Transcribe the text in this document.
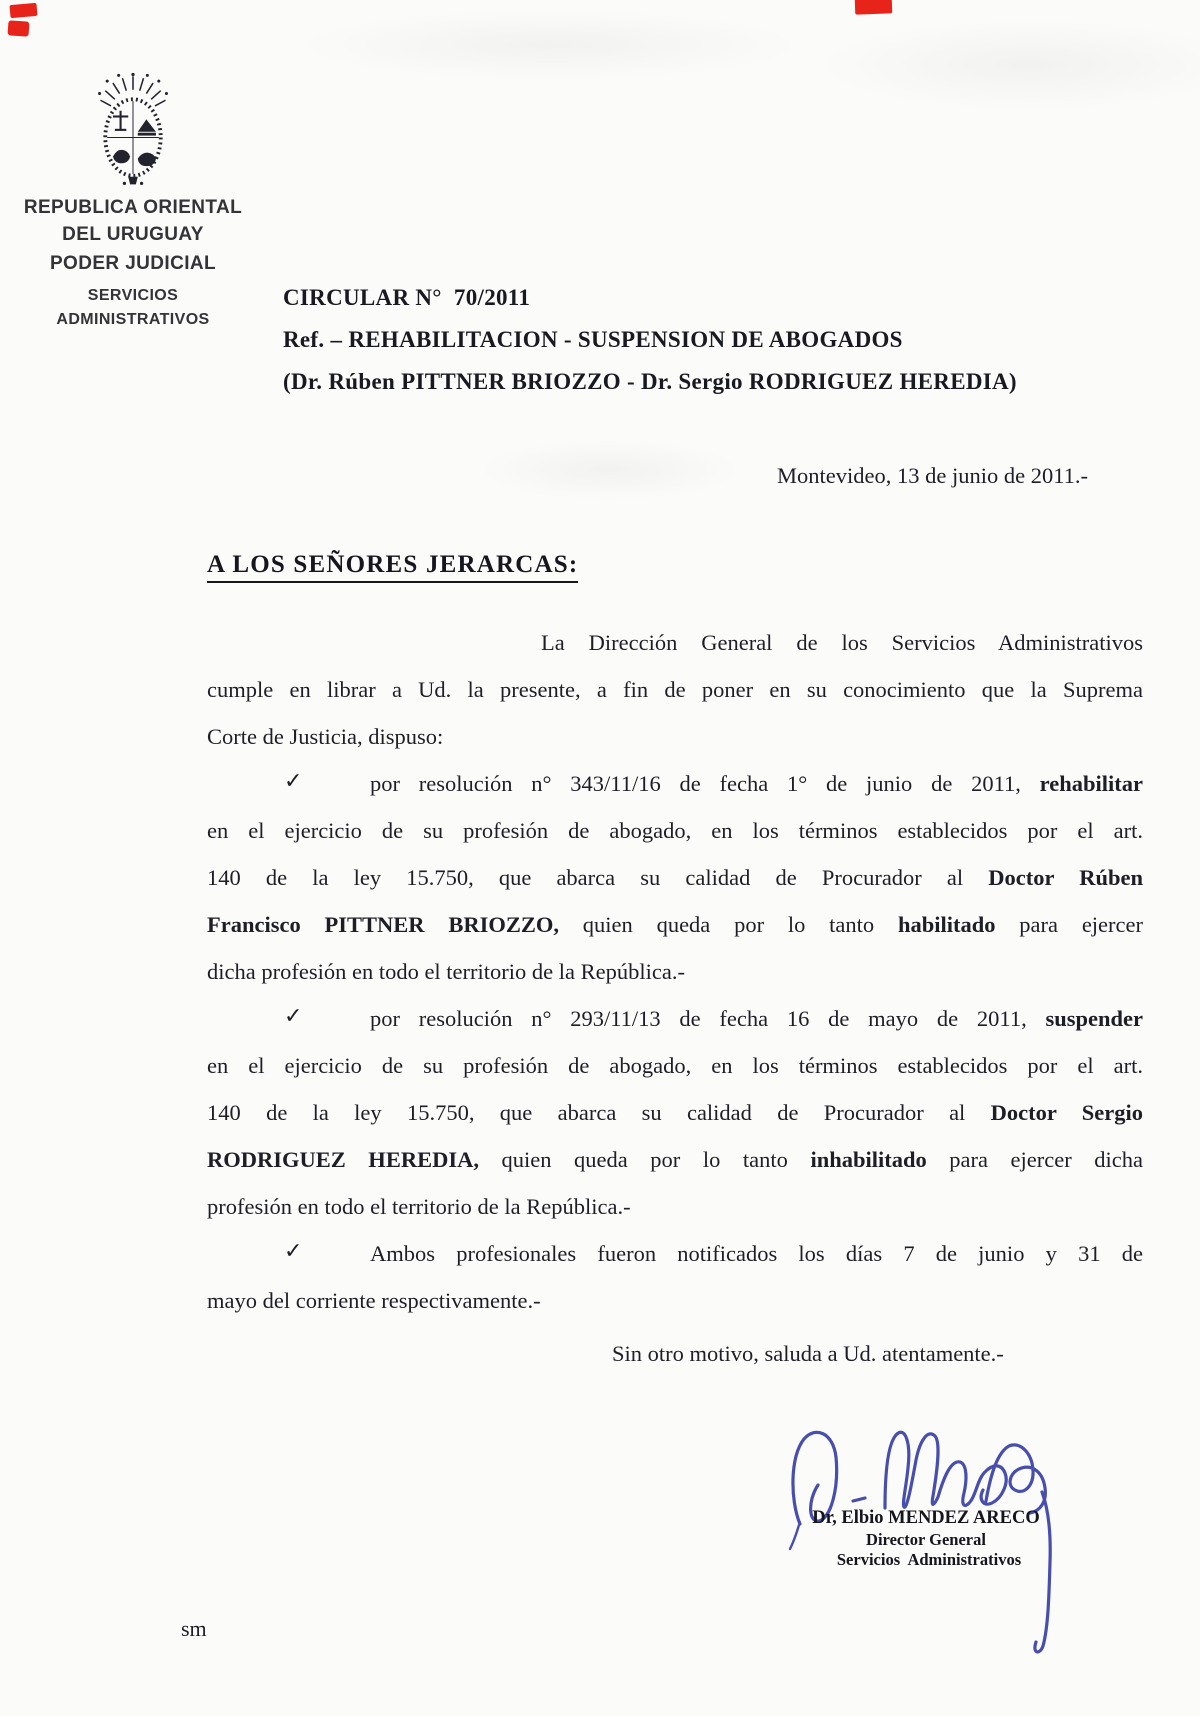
REPUBLICA ORIENTAL
DEL URUGUAY
PODER JUDICIAL
SERVICIOS
ADMINISTRATIVOS
CIRCULAR N°  70/2011
Ref. – REHABILITACION - SUSPENSION DE ABOGADOS
(Dr. Rúben PITTNER BRIOZZO - Dr. Sergio RODRIGUEZ HEREDIA)
Montevideo, 13 de junio de 2011.-
A LOS SEÑORES JERARCAS:
La Dirección General de los Servicios Administrativos
cumple en librar a Ud. la presente, a fin de poner en su conocimiento que la Suprema
Corte de Justicia, dispuso:
✓	por resolución n° 343/11/16 de fecha 1° de junio de 2011, rehabilitar
en el ejercicio de su profesión de abogado, en los términos establecidos por el art.
140 de la ley 15.750, que abarca su calidad de Procurador al Doctor Rúben
Francisco PITTNER BRIOZZO, quien queda por lo tanto habilitado para ejercer
dicha profesión en todo el territorio de la República.-
✓	por resolución n° 293/11/13 de fecha 16 de mayo de 2011, suspender
en el ejercicio de su profesión de abogado, en los términos establecidos por el art.
140 de la ley 15.750, que abarca su calidad de Procurador al Doctor Sergio
RODRIGUEZ HEREDIA, quien queda por lo tanto inhabilitado para ejercer dicha
profesión en todo el territorio de la República.-
✓	Ambos profesionales fueron notificados los días 7 de junio y 31 de
mayo del corriente respectivamente.-
Sin otro motivo, saluda a Ud. atentamente.-
Dr, Elbio MENDEZ ARECO
Director General
Servicios  Administrativos
sm
